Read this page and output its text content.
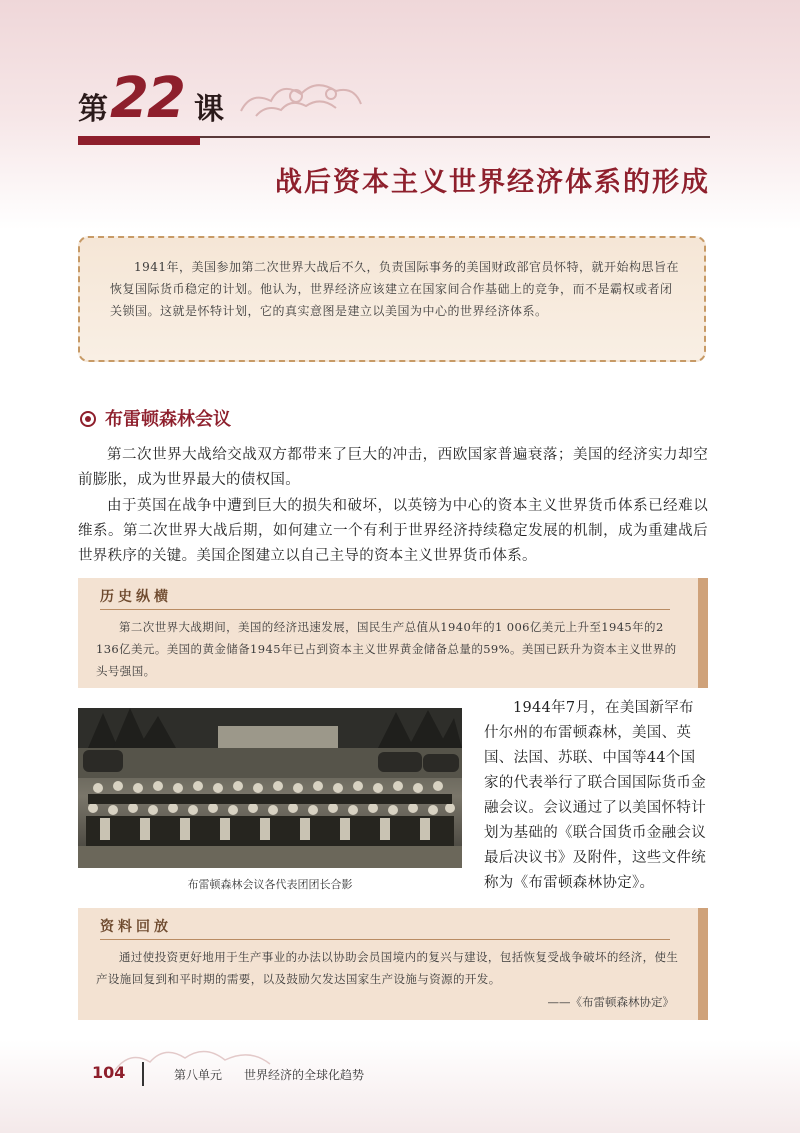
第 22 课
战后资本主义世界经济体系的形成
1941年，美国参加第二次世界大战后不久，负责国际事务的美国财政部官员怀特，就开始构思旨在恢复国际货币稳定的计划。他认为，世界经济应该建立在国家间合作基础上的竞争，而不是霸权或者闭关锁国。这就是怀特计划，它的真实意图是建立以美国为中心的世界经济体系。
布雷顿森林会议
第二次世界大战给交战双方都带来了巨大的冲击，西欧国家普遍衰落；美国的经济实力却空前膨胀，成为世界最大的债权国。
由于英国在战争中遭到巨大的损失和破坏，以英镑为中心的资本主义世界货币体系已经难以维系。第二次世界大战后期，如何建立一个有利于世界经济持续稳定发展的机制，成为重建战后世界秩序的关键。美国企图建立以自己主导的资本主义世界货币体系。
历史纵横
第二次世界大战期间，美国的经济迅速发展，国民生产总值从1940年的1 006亿美元上升至1945年的2 136亿美元。美国的黄金储备1945年已占到资本主义世界黄金储备总量的59%。美国已跃升为资本主义世界的头号强国。
布雷顿森林会议各代表团团长合影
1944年7月，在美国新罕布什尔州的布雷顿森林，美国、英国、法国、苏联、中国等44个国家的代表举行了联合国国际货币金融会议。会议通过了以美国怀特计划为基础的《联合国货币金融会议最后决议书》及附件，这些文件统称为《布雷顿森林协定》。
资料回放
通过使投资更好地用于生产事业的办法以协助会员国境内的复兴与建设，包括恢复受战争破坏的经济，使生产设施回复到和平时期的需要，以及鼓励欠发达国家生产设施与资源的开发。
——《布雷顿森林协定》
104	第八单元 世界经济的全球化趋势
